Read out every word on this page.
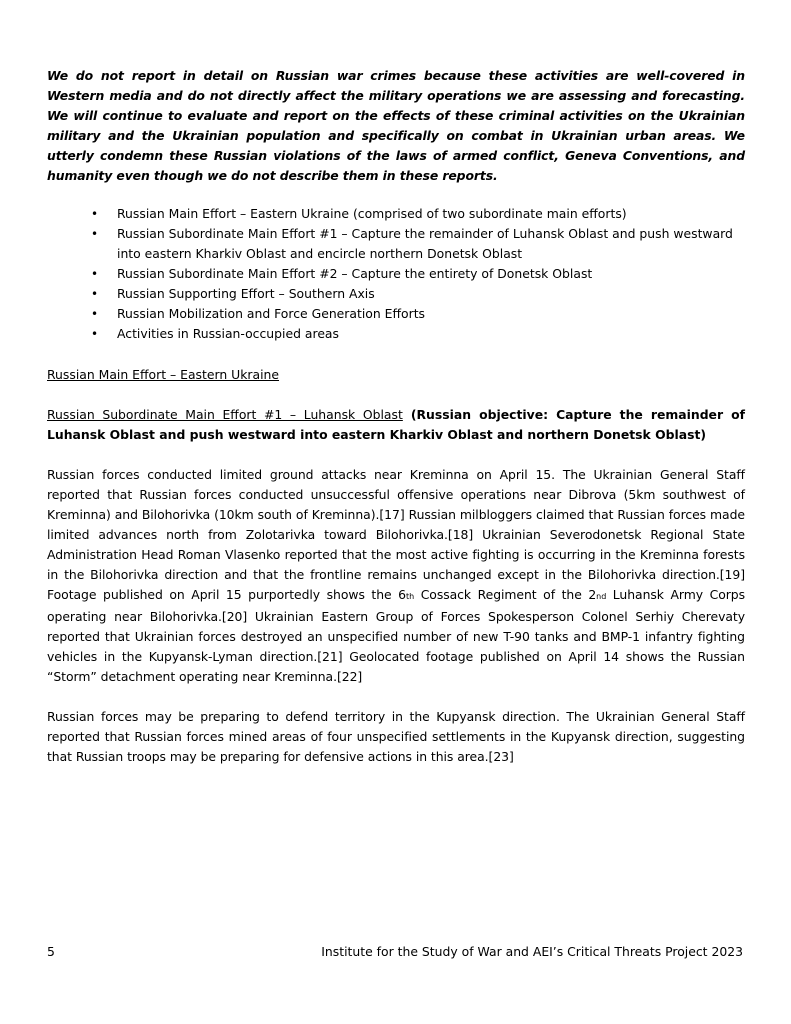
We do not report in detail on Russian war crimes because these activities are well-covered in Western media and do not directly affect the military operations we are assessing and forecasting. We will continue to evaluate and report on the effects of these criminal activities on the Ukrainian military and the Ukrainian population and specifically on combat in Ukrainian urban areas. We utterly condemn these Russian violations of the laws of armed conflict, Geneva Conventions, and humanity even though we do not describe them in these reports.

• Russian Main Effort – Eastern Ukraine (comprised of two subordinate main efforts)
• Russian Subordinate Main Effort #1 – Capture the remainder of Luhansk Oblast and push westward into eastern Kharkiv Oblast and encircle northern Donetsk Oblast
• Russian Subordinate Main Effort #2 – Capture the entirety of Donetsk Oblast
• Russian Supporting Effort – Southern Axis
• Russian Mobilization and Force Generation Efforts
• Activities in Russian-occupied areas
Russian Main Effort – Eastern Ukraine
Russian Subordinate Main Effort #1 – Luhansk Oblast (Russian objective: Capture the remainder of Luhansk Oblast and push westward into eastern Kharkiv Oblast and northern Donetsk Oblast)

Russian forces conducted limited ground attacks near Kreminna on April 15. The Ukrainian General Staff reported that Russian forces conducted unsuccessful offensive operations near Dibrova (5km southwest of Kreminna) and Bilohorivka (10km south of Kreminna).[17] Russian milbloggers claimed that Russian forces made limited advances north from Zolotarivka toward Bilohorivka.[18] Ukrainian Severodonetsk Regional State Administration Head Roman Vlasenko reported that the most active fighting is occurring in the Kreminna forests in the Bilohorivka direction and that the frontline remains unchanged except in the Bilohorivka direction.[19] Footage published on April 15 purportedly shows the 6th Cossack Regiment of the 2nd Luhansk Army Corps operating near Bilohorivka.[20] Ukrainian Eastern Group of Forces Spokesperson Colonel Serhiy Cherevaty reported that Ukrainian forces destroyed an unspecified number of new T-90 tanks and BMP-1 infantry fighting vehicles in the Kupyansk-Lyman direction.[21] Geolocated footage published on April 14 shows the Russian “Storm” detachment operating near Kreminna.[22]

Russian forces may be preparing to defend territory in the Kupyansk direction. The Ukrainian General Staff reported that Russian forces mined areas of four unspecified settlements in the Kupyansk direction, suggesting that Russian troops may be preparing for defensive actions in this area.[23]

5	Institute for the Study of War and AEI’s Critical Threats Project 2023
